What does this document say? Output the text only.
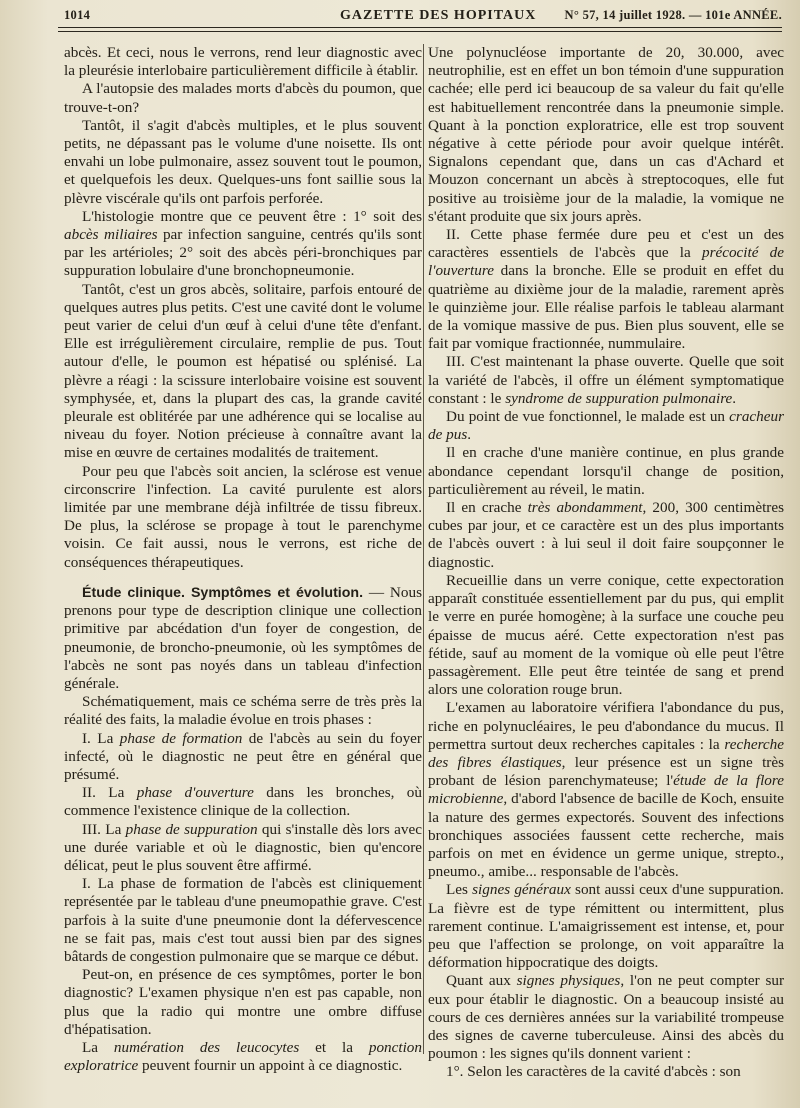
1014	GAZETTE DES HOPITAUX N° 57, 14 juillet 1928. — 101e ANNÉE.

abcès. Et ceci, nous le verrons, rend leur diagnostic avec la pleurésie interlobaire particulièrement difficile à établir.

A l'autopsie des malades morts d'abcès du poumon, que trouve-t-on?

Tantôt, il s'agit d'abcès multiples, et le plus souvent petits, ne dépassant pas le volume d'une noisette. Ils ont envahi un lobe pulmonaire, assez souvent tout le poumon, et quelquefois les deux. Quelques-uns font saillie sous la plèvre viscérale qu'ils ont parfois perforée.

L'histologie montre que ce peuvent être : 1° soit des abcès miliaires par infection sanguine, centrés qu'ils sont par les artérioles; 2° soit des abcès péri-bronchiques par suppuration lobulaire d'une bronchopneumonie.

Tantôt, c'est un gros abcès, solitaire, parfois entouré de quelques autres plus petits. C'est une cavité dont le volume peut varier de celui d'un œuf à celui d'une tête d'enfant. Elle est irrégulièrement circulaire, remplie de pus. Tout autour d'elle, le poumon est hépatisé ou splénisé. La plèvre a réagi : la scissure interlobaire voisine est souvent symphysée, et, dans la plupart des cas, la grande cavité pleurale est oblitérée par une adhérence qui se localise au niveau du foyer. Notion précieuse à connaître avant la mise en œuvre de certaines modalités de traitement.

Pour peu que l'abcès soit ancien, la sclérose est venue circonscrire l'infection. La cavité purulente est alors limitée par une membrane déjà infiltrée de tissu fibreux. De plus, la sclérose se propage à tout le parenchyme voisin. Ce fait aussi, nous le verrons, est riche de conséquences thérapeutiques.

Étude clinique. Symptômes et évolution. — Nous prenons pour type de description clinique une collection primitive par abcédation d'un foyer de congestion, de pneumonie, de broncho-pneumonie, où les symptômes de l'abcès ne sont pas noyés dans un tableau d'infection générale.

Schématiquement, mais ce schéma serre de très près la réalité des faits, la maladie évolue en trois phases :

I. La phase de formation de l'abcès au sein du foyer infecté, où le diagnostic ne peut être en général que présumé.

II. La phase d'ouverture dans les bronches, où commence l'existence clinique de la collection.

III. La phase de suppuration qui s'installe dès lors avec une durée variable et où le diagnostic, bien qu'encore délicat, peut le plus souvent être affirmé.

I. La phase de formation de l'abcès est cliniquement représentée par le tableau d'une pneumopathie grave. C'est parfois à la suite d'une pneumonie dont la défervescence ne se fait pas, mais c'est tout aussi bien par des signes bâtards de congestion pulmonaire que se marque ce début.

Peut-on, en présence de ces symptômes, porter le bon diagnostic? L'examen physique n'en est pas capable, non plus que la radio qui montre une ombre diffuse d'hépatisation.

La numération des leucocytes et la ponction exploratrice peuvent fournir un appoint à ce diagnostic.

Une polynucléose importante de 20, 30.000, avec neutrophilie, est en effet un bon témoin d'une suppuration cachée; elle perd ici beaucoup de sa valeur du fait qu'elle est habituellement rencontrée dans la pneumonie simple. Quant à la ponction exploratrice, elle est trop souvent négative à cette période pour avoir quelque intérêt. Signalons cependant que, dans un cas d'Achard et Mouzon concernant un abcès à streptocoques, elle fut positive au troisième jour de la maladie, la vomique ne s'étant produite que six jours après.

II. Cette phase fermée dure peu et c'est un des caractères essentiels de l'abcès que la précocité de l'ouverture dans la bronche. Elle se produit en effet du quatrième au dixième jour de la maladie, rarement après le quinzième jour. Elle réalise parfois le tableau alarmant de la vomique massive de pus. Bien plus souvent, elle se fait par vomique fractionnée, nummulaire.

III. C'est maintenant la phase ouverte. Quelle que soit la variété de l'abcès, il offre un élément symptomatique constant : le syndrome de suppuration pulmonaire.

Du point de vue fonctionnel, le malade est un cracheur de pus.

Il en crache d'une manière continue, en plus grande abondance cependant lorsqu'il change de position, particulièrement au réveil, le matin.

Il en crache très abondamment, 200, 300 centimètres cubes par jour, et ce caractère est un des plus importants de l'abcès ouvert : à lui seul il doit faire soupçonner le diagnostic.

Recueillie dans un verre conique, cette expectoration apparaît constituée essentiellement par du pus, qui emplit le verre en purée homogène; à la surface une couche peu épaisse de mucus aéré. Cette expectoration n'est pas fétide, sauf au moment de la vomique où elle peut l'être passagèrement. Elle peut être teintée de sang et prend alors une coloration rouge brun.

L'examen au laboratoire vérifiera l'abondance du pus, riche en polynucléaires, le peu d'abondance du mucus. Il permettra surtout deux recherches capitales : la recherche des fibres élastiques, leur présence est un signe très probant de lésion parenchymateuse; l'étude de la flore microbienne, d'abord l'absence de bacille de Koch, ensuite la nature des germes expectorés. Souvent des infections bronchiques associées faussent cette recherche, mais parfois on met en évidence un germe unique, strepto., pneumo., amibe... responsable de l'abcès.

Les signes généraux sont aussi ceux d'une suppuration. La fièvre est de type rémittent ou intermittent, plus rarement continue. L'amaigrissement est intense, et, pour peu que l'affection se prolonge, on voit apparaître la déformation hippocratique des doigts.

Quant aux signes physiques, l'on ne peut compter sur eux pour établir le diagnostic. On a beaucoup insisté au cours de ces dernières années sur la variabilité trompeuse des signes de caverne tuberculeuse. Ainsi des abcès du poumon : les signes qu'ils donnent varient :

1°. Selon les caractères de la cavité d'abcès : son
